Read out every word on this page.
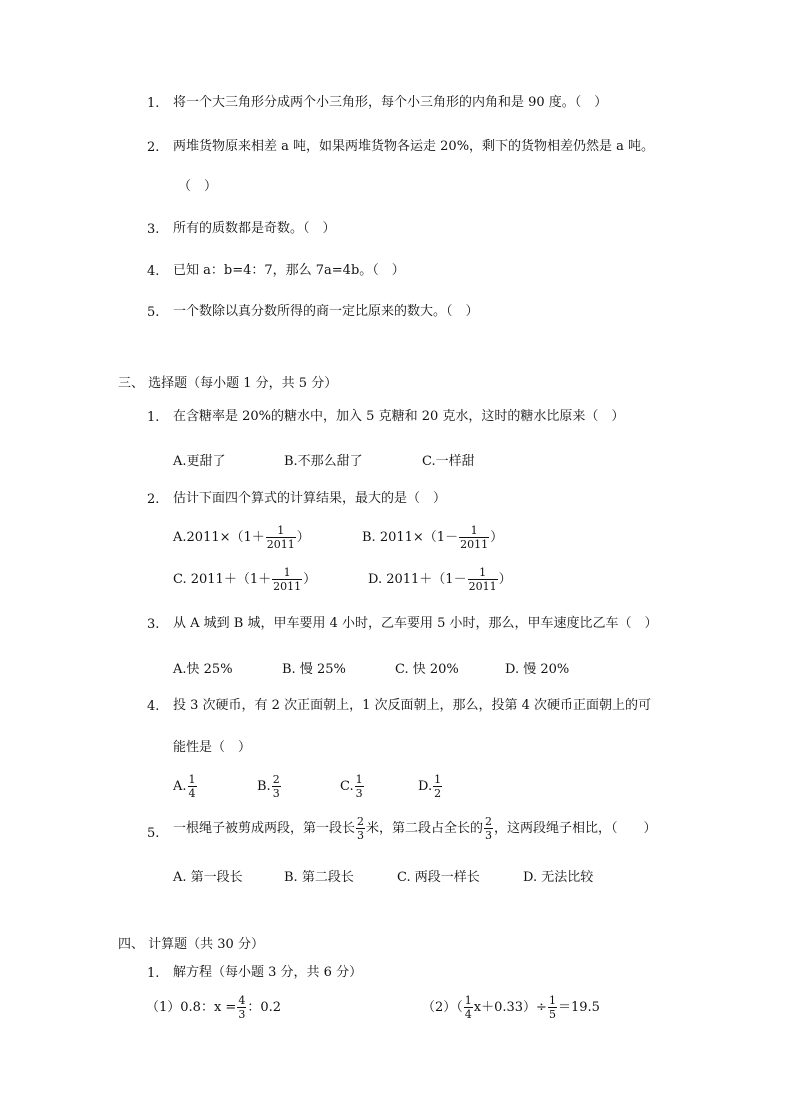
1. 将一个大三角形分成两个小三角形，每个小三角形的内角和是 90 度。（　）
2. 两堆货物原来相差 a 吨，如果两堆货物各运走 20%，剩下的货物相差仍然是 a 吨。
（　）
3. 所有的质数都是奇数。（　）
4. 已知 a：b=4：7，那么 7a=4b。（　）
5. 一个数除以真分数所得的商一定比原来的数大。（　）
三、 选择题（每小题 1 分，共 5 分）
1. 在含糖率是 20%的糖水中，加入 5 克糖和 20 克水，这时的糖水比原来（　）
A.更甜了	B.不那么甜了	C.一样甜
2. 估计下面四个算式的计算结果，最大的是（　）
$A.2011\times(1+ \frac{1}{2011}$ ）	B. $2011\times(1- \frac{1}{2011}$ ）
C. $2011+(1+ \frac{1}{2011}$ ）	D. $2011+(1- \frac{1}{2011}$ ）
3. 从 A 城到 B 城，甲车要用 4 小时，乙车要用 5 小时，那么，甲车速度比乙车（　）
A.快 25%	B. 慢 25%	C. 快 20%	D. 慢 20%
4. 投 3 次硬币，有 2 次正面朝上，1 次反面朝上，那么，投第 4 次硬币正面朝上的可
能性是（　）
A. $\frac{1}{4}$	B. $\frac{2}{3}$	C. $\frac{1}{3}$	D. $\frac{1}{2}$
5. 一根绳子被剪成两段，第一段长 $\frac{2}{3}$ 米，第二段占全长的 $\frac{2}{3}$ ，这两段绳子相比，（　　）
A. 第一段长	B. 第二段长	C. 两段一样长	D. 无法比较
四、 计算题（共 30 分）
1. 解方程（每小题 3 分，共 6 分）
（1）0.8：$x = \frac{4}{3}$ ：0.2	$(2)( \frac{1}{4} x+0.33)\div \frac{1}{5} =19.5$
